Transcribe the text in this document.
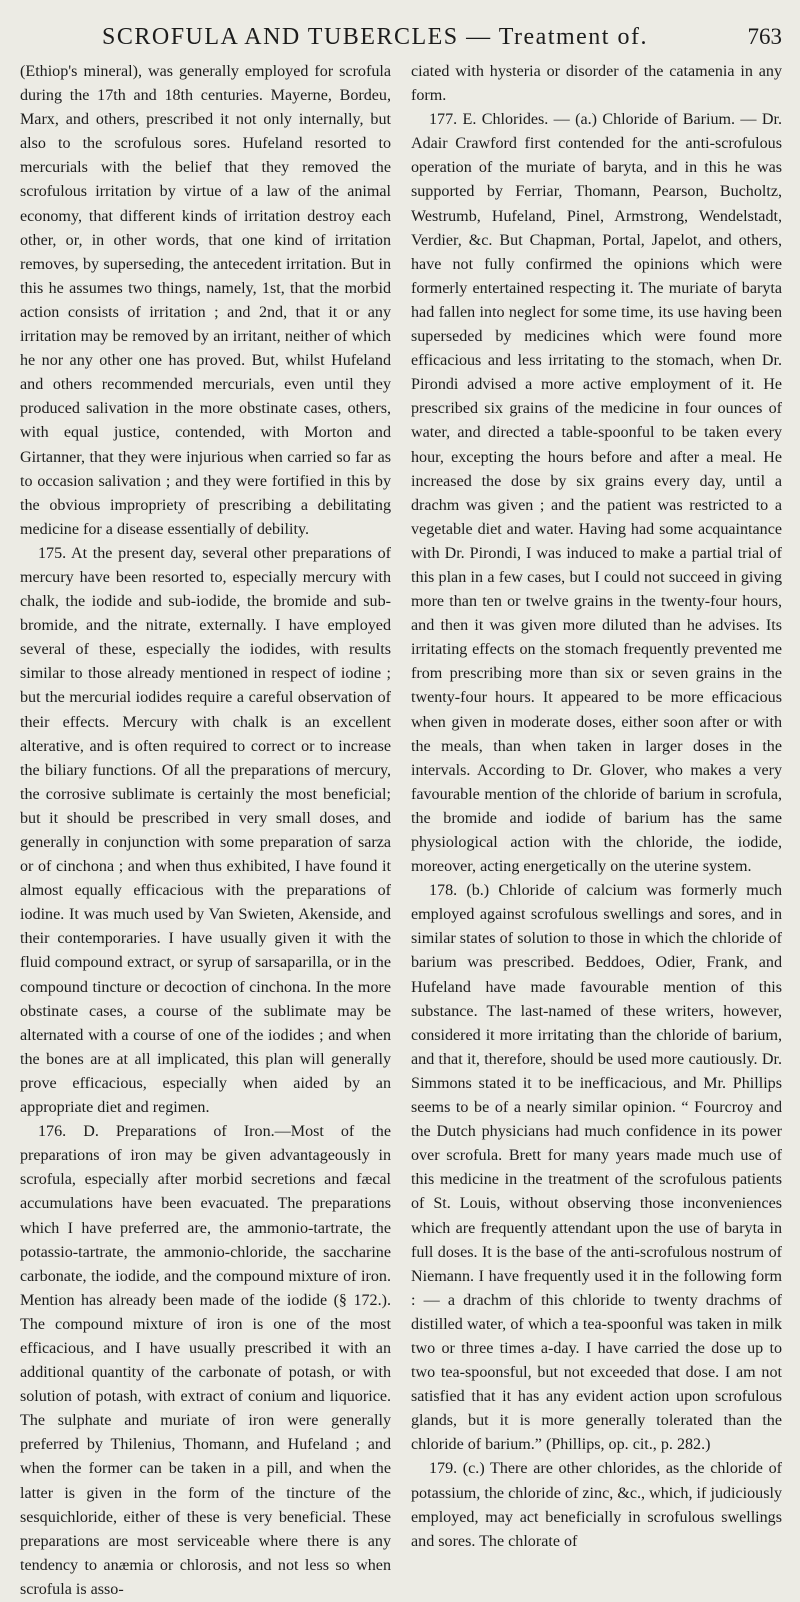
SCROFULA AND TUBERCLES — Treatment of.	763

(Ethiop's mineral), was generally employed for scrofula during the 17th and 18th centuries. Mayerne, Bordeu, Marx, and others, prescribed it not only internally, but also to the scrofulous sores. Hufeland resorted to mercurials with the belief that they removed the scrofulous irritation by virtue of a law of the animal economy, that different kinds of irritation destroy each other, or, in other words, that one kind of irritation removes, by superseding, the antecedent irritation. But in this he assumes two things, namely, 1st, that the morbid action consists of irritation ; and 2nd, that it or any irritation may be removed by an irritant, neither of which he nor any other one has proved. But, whilst Hufeland and others recommended mercurials, even until they produced salivation in the more obstinate cases, others, with equal justice, contended, with Morton and Girtanner, that they were injurious when carried so far as to occasion salivation ; and they were fortified in this by the obvious impropriety of prescribing a debilitating medicine for a disease essentially of debility.

175. At the present day, several other preparations of mercury have been resorted to, especially mercury with chalk, the iodide and sub-iodide, the bromide and sub-bromide, and the nitrate, externally. I have employed several of these, especially the iodides, with results similar to those already mentioned in respect of iodine ; but the mercurial iodides require a careful observation of their effects. Mercury with chalk is an excellent alterative, and is often required to correct or to increase the biliary functions. Of all the preparations of mercury, the corrosive sublimate is certainly the most beneficial; but it should be prescribed in very small doses, and generally in conjunction with some preparation of sarza or of cinchona ; and when thus exhibited, I have found it almost equally efficacious with the preparations of iodine. It was much used by Van Swieten, Akenside, and their contemporaries. I have usually given it with the fluid compound extract, or syrup of sarsaparilla, or in the compound tincture or decoction of cinchona. In the more obstinate cases, a course of the sublimate may be alternated with a course of one of the iodides ; and when the bones are at all implicated, this plan will generally prove efficacious, especially when aided by an appropriate diet and regimen.

176. D. Preparations of Iron.—Most of the preparations of iron may be given advantageously in scrofula, especially after morbid secretions and fæcal accumulations have been evacuated. The preparations which I have preferred are, the ammonio-tartrate, the potassio-tartrate, the ammonio-chloride, the saccharine carbonate, the iodide, and the compound mixture of iron. Mention has already been made of the iodide (§ 172.). The compound mixture of iron is one of the most efficacious, and I have usually prescribed it with an additional quantity of the carbonate of potash, or with solution of potash, with extract of conium and liquorice. The sulphate and muriate of iron were generally preferred by Thilenius, Thomann, and Hufeland ; and when the former can be taken in a pill, and when the latter is given in the form of the tincture of the sesquichloride, either of these is very beneficial. These preparations are most serviceable where there is any tendency to anæmia or chlorosis, and not less so when scrofula is asso-

ciated with hysteria or disorder of the catamenia in any form.

177. E. Chlorides. — (a.) Chloride of Barium. — Dr. Adair Crawford first contended for the anti-scrofulous operation of the muriate of baryta, and in this he was supported by Ferriar, Thomann, Pearson, Bucholtz, Westrumb, Hufeland, Pinel, Armstrong, Wendelstadt, Verdier, &c. But Chapman, Portal, Japelot, and others, have not fully confirmed the opinions which were formerly entertained respecting it. The muriate of baryta had fallen into neglect for some time, its use having been superseded by medicines which were found more efficacious and less irritating to the stomach, when Dr. Pirondi advised a more active employment of it. He prescribed six grains of the medicine in four ounces of water, and directed a table-spoonful to be taken every hour, excepting the hours before and after a meal. He increased the dose by six grains every day, until a drachm was given ; and the patient was restricted to a vegetable diet and water. Having had some acquaintance with Dr. Pirondi, I was induced to make a partial trial of this plan in a few cases, but I could not succeed in giving more than ten or twelve grains in the twenty-four hours, and then it was given more diluted than he advises. Its irritating effects on the stomach frequently prevented me from prescribing more than six or seven grains in the twenty-four hours. It appeared to be more efficacious when given in moderate doses, either soon after or with the meals, than when taken in larger doses in the intervals. According to Dr. Glover, who makes a very favourable mention of the chloride of barium in scrofula, the bromide and iodide of barium has the same physiological action with the chloride, the iodide, moreover, acting energetically on the uterine system.

178. (b.) Chloride of calcium was formerly much employed against scrofulous swellings and sores, and in similar states of solution to those in which the chloride of barium was prescribed. Beddoes, Odier, Frank, and Hufeland have made favourable mention of this substance. The last-named of these writers, however, considered it more irritating than the chloride of barium, and that it, therefore, should be used more cautiously. Dr. Simmons stated it to be inefficacious, and Mr. Phillips seems to be of a nearly similar opinion. “ Fourcroy and the Dutch physicians had much confidence in its power over scrofula. Brett for many years made much use of this medicine in the treatment of the scrofulous patients of St. Louis, without observing those inconveniences which are frequently attendant upon the use of baryta in full doses. It is the base of the anti-scrofulous nostrum of Niemann. I have frequently used it in the following form : — a drachm of this chloride to twenty drachms of distilled water, of which a tea-spoonful was taken in milk two or three times a-day. I have carried the dose up to two tea-spoonsful, but not exceeded that dose. I am not satisfied that it has any evident action upon scrofulous glands, but it is more generally tolerated than the chloride of barium.” (Phillips, op. cit., p. 282.)

179. (c.) There are other chlorides, as the chloride of potassium, the chloride of zinc, &c., which, if judiciously employed, may act beneficially in scrofulous swellings and sores. The chlorate of
